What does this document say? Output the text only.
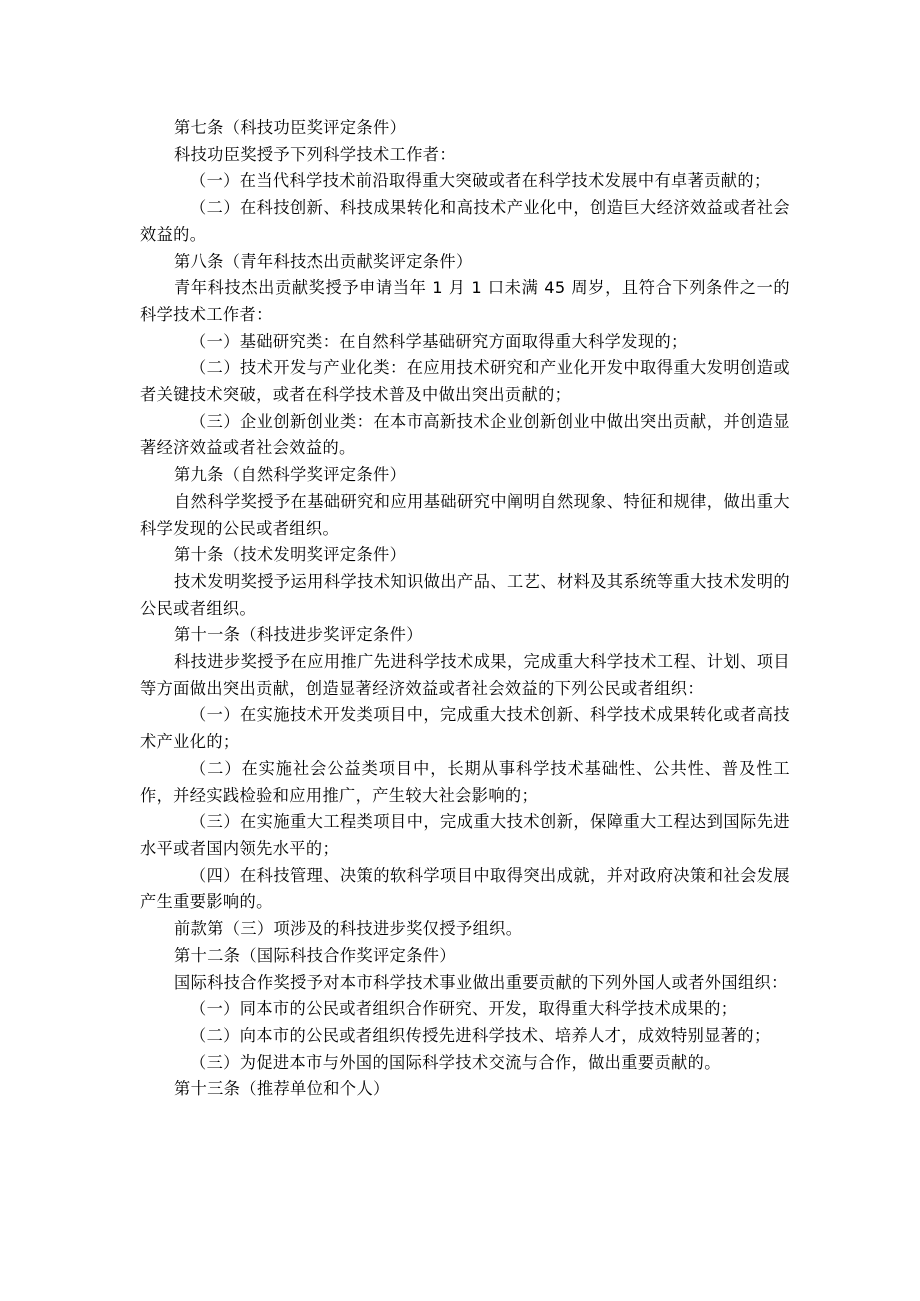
第七条（科技功臣奖评定条件）

科技功臣奖授予下列科学技术工作者：

（一）在当代科学技术前沿取得重大突破或者在科学技术发展中有卓著贡献的；

（二）在科技创新、科技成果转化和高技术产业化中，创造巨大经济效益或者社会效益的。

第八条（青年科技杰出贡献奖评定条件）

青年科技杰出贡献奖授予申请当年 1 月 1 口未满 45 周岁，且符合下列条件之一的科学技术工作者：

（一）基础研究类：在自然科学基础研究方面取得重大科学发现的；

（二）技术开发与产业化类：在应用技术研究和产业化开发中取得重大发明创造或者关键技术突破，或者在科学技术普及中做出突出贡献的；

（三）企业创新创业类：在本市高新技术企业创新创业中做出突出贡献，并创造显著经济效益或者社会效益的。

第九条（自然科学奖评定条件）

自然科学奖授予在基础研究和应用基础研究中阐明自然现象、特征和规律，做出重大科学发现的公民或者组织。

第十条（技术发明奖评定条件）

技术发明奖授予运用科学技术知识做出产品、工艺、材料及其系统等重大技术发明的公民或者组织。

第十一条（科技进步奖评定条件）

科技进步奖授予在应用推广先进科学技术成果，完成重大科学技术工程、计划、项目等方面做出突出贡献，创造显著经济效益或者社会效益的下列公民或者组织：

（一）在实施技术开发类项目中，完成重大技术创新、科学技术成果转化或者高技术产业化的；

（二）在实施社会公益类项目中，长期从事科学技术基础性、公共性、普及性工作，并经实践检验和应用推广，产生较大社会影响的；

（三）在实施重大工程类项目中，完成重大技术创新，保障重大工程达到国际先进水平或者国内领先水平的；

（四）在科技管理、决策的软科学项目中取得突出成就，并对政府决策和社会发展产生重要影响的。

前款第（三）项涉及的科技进步奖仅授予组织。

第十二条（国际科技合作奖评定条件）

国际科技合作奖授予对本市科学技术事业做出重要贡献的下列外国人或者外国组织：

（一）同本市的公民或者组织合作研究、开发，取得重大科学技术成果的；

（二）向本市的公民或者组织传授先进科学技术、培养人才，成效特别显著的；

（三）为促进本市与外国的国际科学技术交流与合作，做出重要贡献的。

第十三条（推荐单位和个人）
